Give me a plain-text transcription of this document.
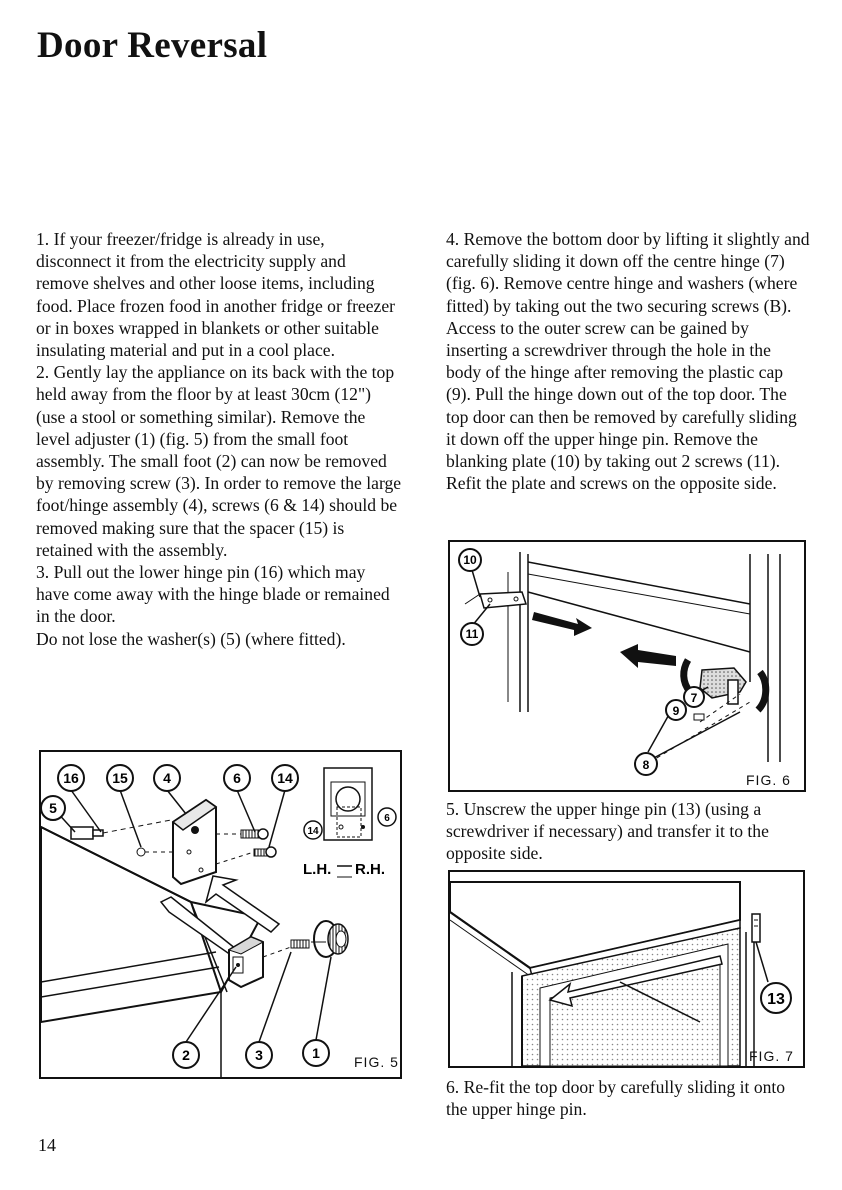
Door Reversal

1. If your freezer/fridge is already in use, disconnect it from the electricity supply and remove shelves and other loose items, including food. Place frozen food in another fridge or freezer or in boxes wrapped in blankets or other suitable insulating material and put in a cool place.

2. Gently lay the appliance on its back with the top held away from the floor by at least 30cm (12") (use a stool or something similar). Remove the level adjuster (1) (fig. 5) from the small foot assembly. The small foot (2) can now be removed by removing screw (3). In order to remove the large foot/hinge assembly (4), screws (6 & 14) should be removed making sure that the spacer (15) is retained with the assembly.

3. Pull out the lower hinge pin (16) which may have come away with the hinge blade or remained in the door.

Do not lose the washer(s) (5) (where fitted).

4. Remove the bottom door by lifting it slightly and carefully sliding it down off the centre hinge (7) (fig. 6). Remove centre hinge and washers (where fitted) by taking out the two securing screws (B). Access to the outer screw can be gained by inserting a screwdriver through the hole in the body of the hinge after removing the plastic cap (9). Pull the hinge down out of the top door. The top door can then be removed by carefully sliding it down off the upper hinge pin. Remove the blanking plate (10) by taking out 2 screws (11). Refit the plate and screws on the opposite side.

5. Unscrew the upper hinge pin (13) (using a screwdriver if necessary) and transfer it to the opposite side.

6. Re-fit the top door by carefully sliding it onto the upper hinge pin.

16 15	4	6	14
5
2	3	1
14
6
L.H. R.H.
FIG. 5
10
11
7
9
8
FIG. 6
13
FIG. 7
14
